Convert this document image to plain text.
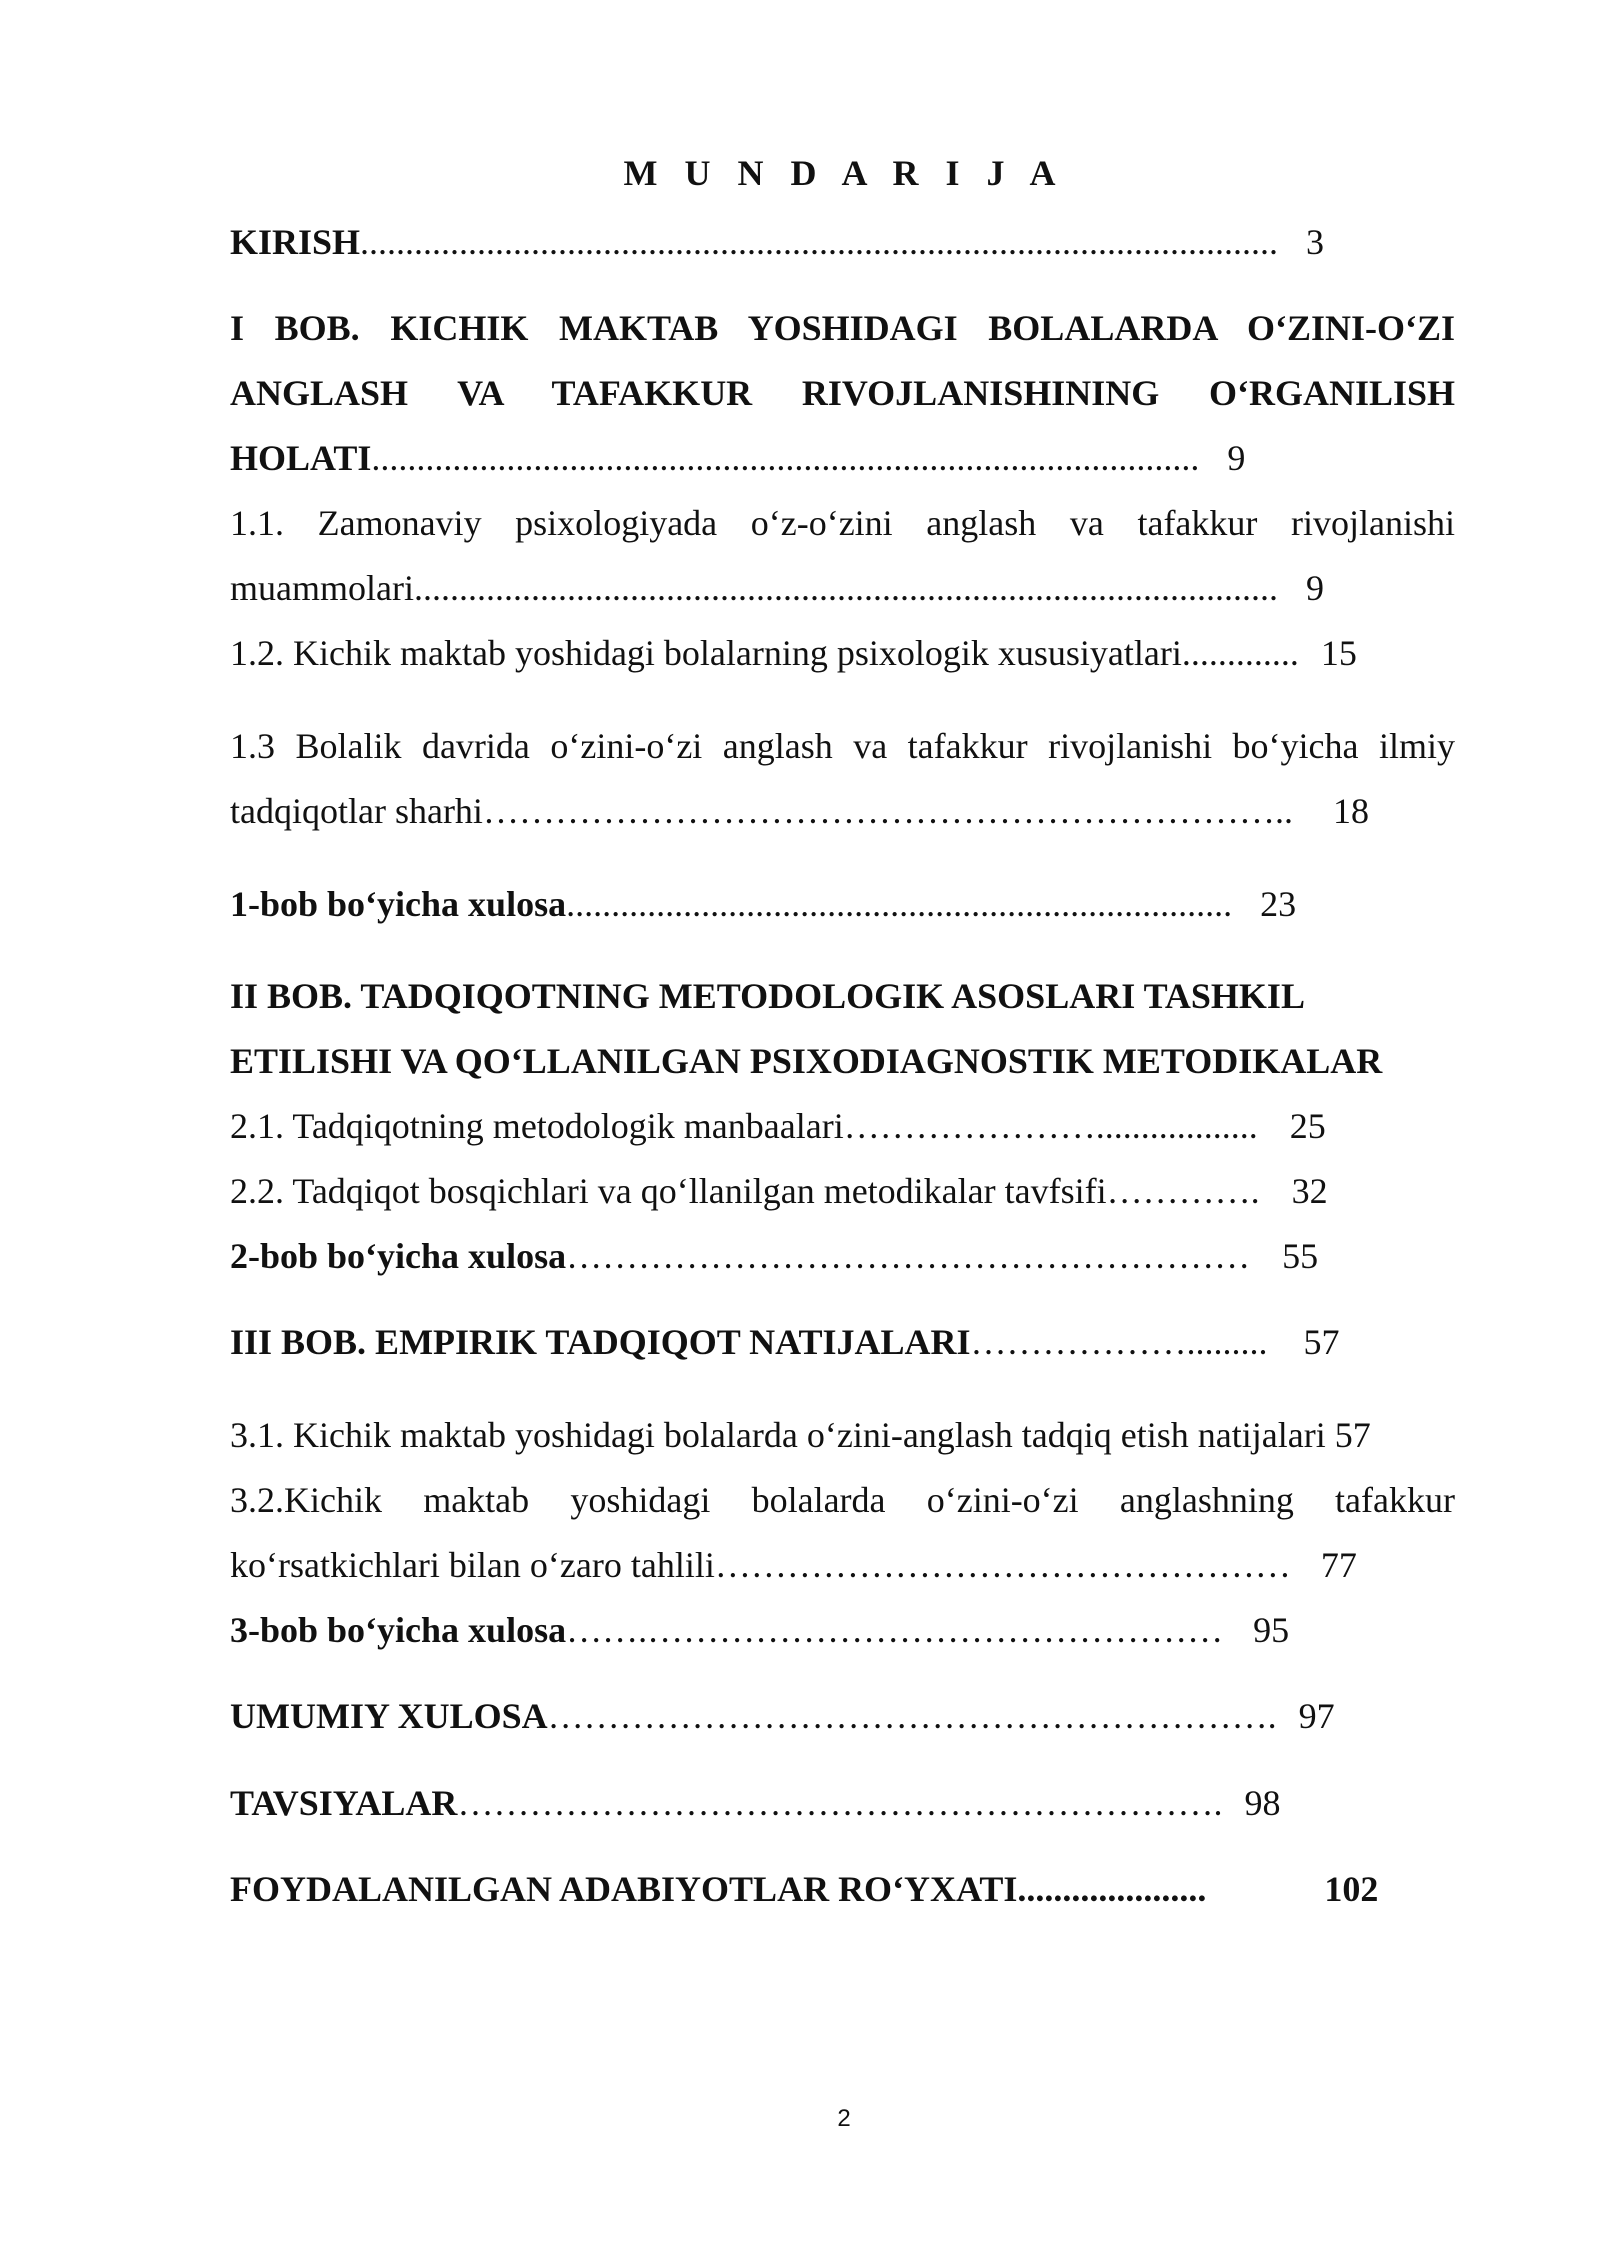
M U N D A R I J A
KIRISH ...................................................................................................... 3
I BOB. KICHIK MAKTAB YOSHIDAGI BOLALARDA O‘ZINI-O‘ZI
ANGLASH VA TAFAKKUR RIVOJLANISHINING O‘RGANILISH
HOLATI ............................................................................................ 9
1.1. Zamonaviy psixologiyada o‘z-o‘zini anglash va tafakkur rivojlanishi
muammolari ................................................................................................ 9
1.2. Kichik maktab yoshidagi bolalarning psixologik xususiyatlari ............. 15
1.3 Bolalik davrida o‘zini-o‘zi anglash va tafakkur rivojlanishi bo‘yicha ilmiy
tadqiqotlar sharhi ………………………………………………………….. 18
1-bob bo‘yicha xulosa .......................................................................... 23
II BOB. TADQIQOTNING METODOLOGIK ASOSLARI TASHKIL
ETILISHI VA QO‘LLANILGAN PSIXODIAGNOSTIK METODIKALAR
2.1. Tadqiqotning metodologik manbaalari ………………….................. 25
2.2. Tadqiqot bosqichlari va qo‘llanilgan metodikalar tavfsifi …………. 32
2-bob bo‘yicha xulosa ………………………………………………… 55
III BOB. EMPIRIK TADQIQOT NATIJALARI ………………......... 57
3.1. Kichik maktab yoshidagi bolalarda o‘zini-anglash tadqiq etish natijalari 57
3.2.Kichik maktab yoshidagi bolalarda o‘zini-o‘zi anglashning tafakkur
ko‘rsatkichlari bilan o‘zaro tahlili ………………………………………… 77
3-bob bo‘yicha xulosa …….………………………………………… 95
UMUMIY XULOSA ……………………………………………………. 97
TAVSIYALAR ………………………………………………………. 98
FOYDALANILGAN ADABIYOTLAR RO‘YXATI .....................	102
2
